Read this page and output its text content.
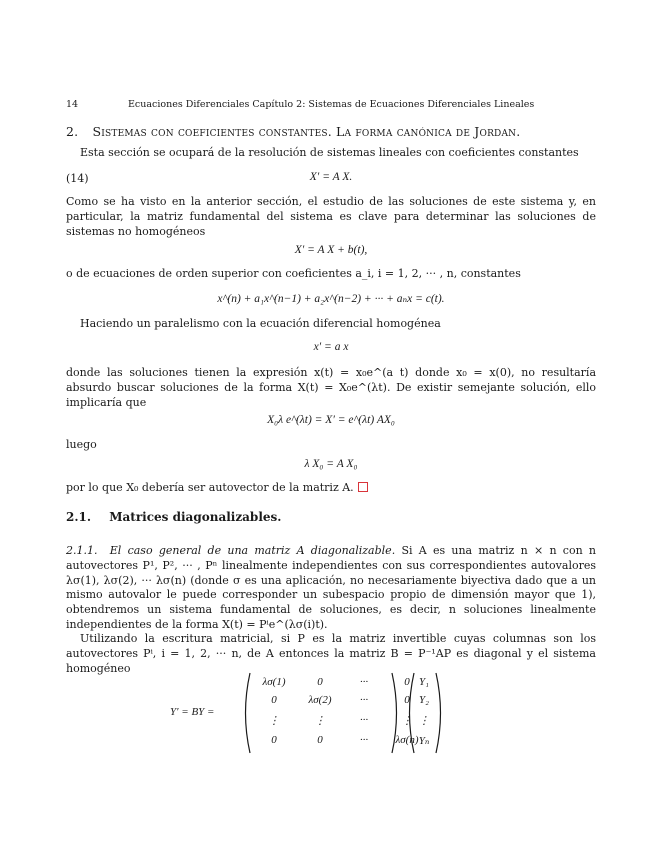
14	Ecuaciones Diferenciales Capítulo 2: Sistemas de Ecuaciones Diferenciales Lineales
2. Sistemas con coeficientes constantes. La forma canónica de Jordan.
Esta sección se ocupará de la resolución de sistemas lineales con coeficientes constantes
(14)	X′ = A X.
Como se ha visto en la anterior sección, el estudio de las soluciones de este sistema y, en particular, la matriz fundamental del sistema es clave para determinar las soluciones de sistemas no homogéneos
X′ = A X + b(t),
o de ecuaciones de orden superior con coeficientes a_i, i = 1, 2, ··· , n, constantes
x^(n) + a₁x^(n−1) + a₂x^(n−2) + ··· + aₙx = c(t).
Haciendo un paralelismo con la ecuación diferencial homogénea
x′ = a x
donde las soluciones tienen la expresión x(t) = x₀e^(a t) donde x₀ = x(0), no resultaría absurdo buscar soluciones de la forma X(t) = X₀e^(λt). De existir semejante solución, ello implicaría que
X₀λ e^(λt) = X′ = e^(λt) AX₀
luego
λ X₀ = A X₀
por lo que X₀ debería ser autovector de la matriz A.
2.1. Matrices diagonalizables.
2.1.1. El caso general de una matriz A diagonalizable. Si A es una matriz n × n con n autovectores P¹, P², ··· , Pⁿ linealmente independientes con sus correspondientes autovalores λσ(1), λσ(2), ··· λσ(n) (donde σ es una aplicación, no necesariamente biyectiva dado que a un mismo autovalor le puede corresponder un subespacio propio de dimensión mayor que 1), obtendremos un sistema fundamental de soluciones, es decir, n soluciones linealmente independientes de la forma X(t) = Pⁱe^(λσ(i)t).
Utilizando la escritura matricial, si P es la matriz invertible cuyas columnas son los autovectores Pⁱ, i = 1, 2, ··· n, de A entonces la matriz B = P⁻¹AP es diagonal y el sistema homogéneo
Y′ = BY =
λσ(1)	0	···	0
0	λσ(2)	···	0
⋮	⋮	···	⋮
0	0	···	λσ(n)
Y₁
Y₂
⋮
Yₙ
